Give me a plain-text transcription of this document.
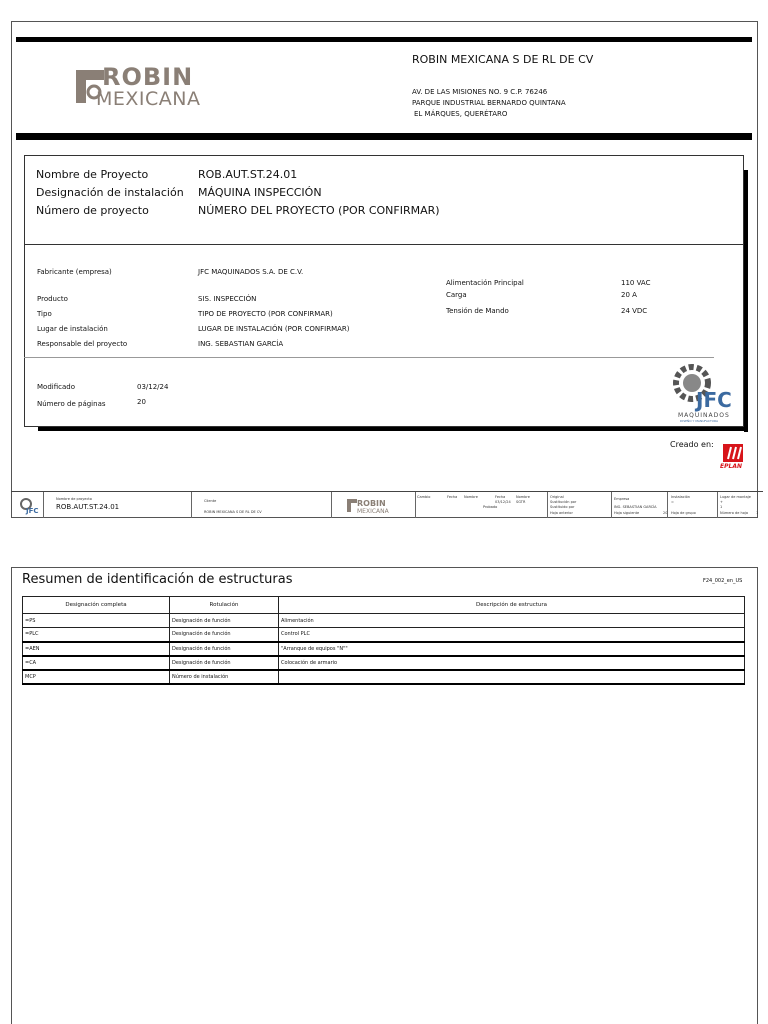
ROBIN
MEXICANA
ROBIN MEXICANA S DE RL DE CV
AV. DE LAS MISIONES NO. 9 C.P. 76246
PARQUE INDUSTRIAL BERNARDO QUINTANA
EL MÁRQUES, QUERÉTARO
Nombre de Proyecto	ROB.AUT.ST.24.01
Designación de instalación MÁQUINA INSPECCIÓN
Número de proyecto	NÚMERO DEL PROYECTO (POR CONFIRMAR)
Fabricante (empresa)	JFC MAQUINADOS S.A. DE C.V.
Producto	SIS. INSPECCIÓN
Tipo	TIPO DE PROYECTO (POR CONFIRMAR)
Lugar de instalación	LUGAR DE INSTALACIÓN (POR CONFIRMAR)
Responsable del proyecto	ING. SEBASTIAN GARCÍA
Alimentación Principal	110 VAC
Carga	20 A
Tensión de Mando	24 VDC
Modificado	03/12/24
Número de páginas	20	JFC
MAQUINADOS
DISEÑO Y MANUFACTURA
Creado en:
EPLAN
JFC
Nombre de proyecto
ROB.AUT.ST.24.01
Cliente
ROBIN MEXICANA S DE RL DE CV
ROBIN
MEXICANA
Cambio	Fecha Nombre	Fecha	Nombre
03/12/24 SGTR
Probado
Original
Sustitución por
Sustituido por
Hoja anterior
Empresa
ING. SEBASTIAN GARCÍA
Hoja siguiente	20
Instalación
=
Hoja de grupo
Lugar de montaje
+
1
Número de hoja 1
Resumen de identificación de estructuras	F24_002_en_US
Designación completa	Rotulación	Descripción de estructura
=PS	Designación de función	Alimentación
=PLC	Designación de función	Control PLC
=AEN	Designación de función	"Arranque de equipos "N""
=CA	Designación de función	Colocación de armario
MCP	Número de instalación	
